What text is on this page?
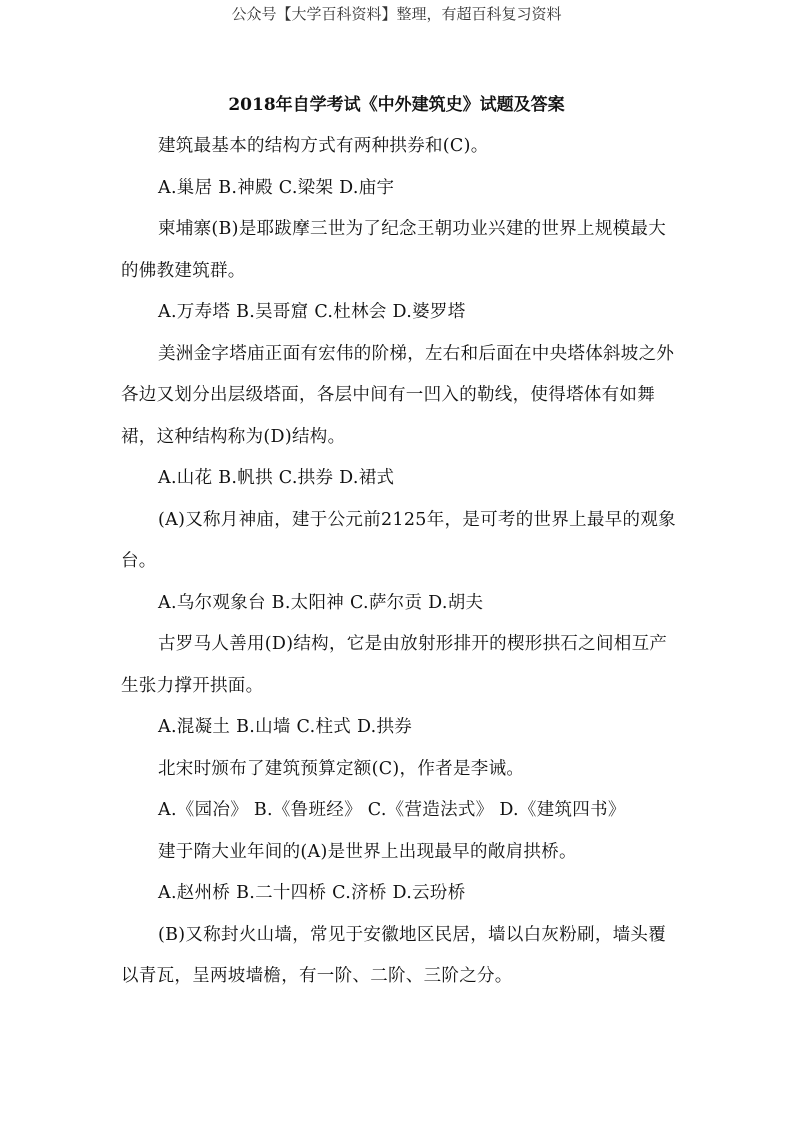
公众号【大学百科资料】整理，有超百科复习资料
2018年自学考试《中外建筑史》试题及答案

建筑最基本的结构方式有两种拱券和(C)。

A.巢居 B.神殿 C.梁架 D.庙宇

柬埔寨(B)是耶跋摩三世为了纪念王朝功业兴建的世界上规模最大的佛教建筑群。

A.万寿塔 B.吴哥窟 C.杜林会 D.婆罗塔

美洲金字塔庙正面有宏伟的阶梯，左右和后面在中央塔体斜坡之外各边又划分出层级塔面，各层中间有一凹入的勒线，使得塔体有如舞裙，这种结构称为(D)结构。

A.山花 B.帆拱 C.拱券 D.裙式

(A)又称月神庙，建于公元前2125年，是可考的世界上最早的观象台。

A.乌尔观象台 B.太阳神 C.萨尔贡 D.胡夫

古罗马人善用(D)结构，它是由放射形排开的楔形拱石之间相互产生张力撑开拱面。

A.混凝土 B.山墙 C.柱式 D.拱券

北宋时颁布了建筑预算定额(C)，作者是李诫。

A.《园冶》 B.《鲁班经》 C.《营造法式》 D.《建筑四书》

建于隋大业年间的(A)是世界上出现最早的敞肩拱桥。

A.赵州桥 B.二十四桥 C.济桥 D.云玢桥

(B)又称封火山墙，常见于安徽地区民居，墙以白灰粉刷，墙头覆以青瓦，呈两坡墙檐，有一阶、二阶、三阶之分。
